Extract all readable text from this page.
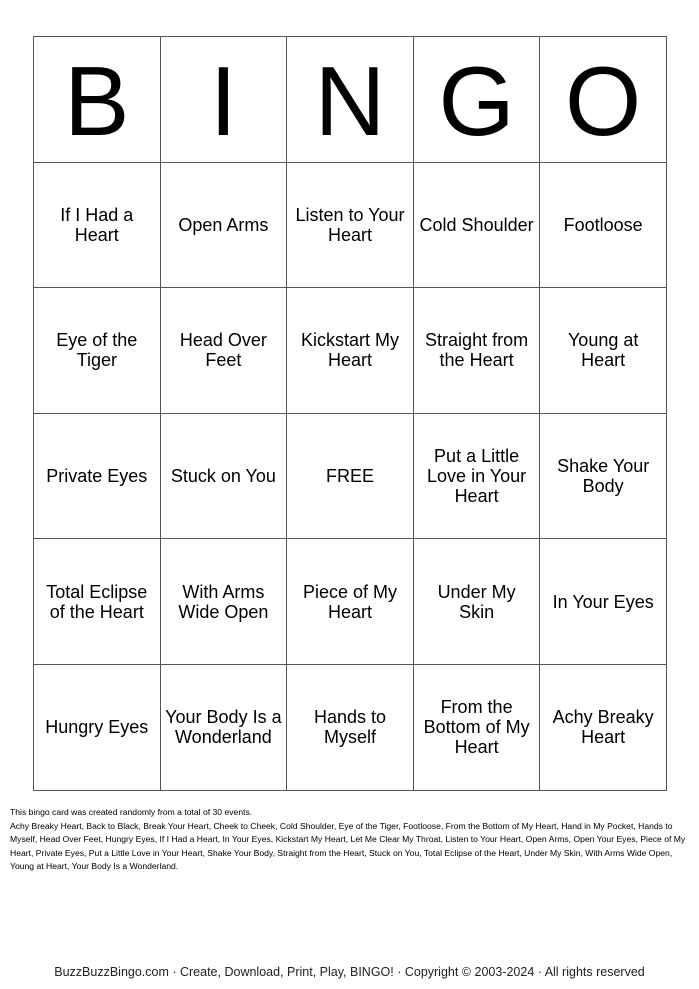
B	I	N	G	O
If I Had a Heart	Open Arms	Listen to Your Heart	Cold Shoulder	Footloose
Eye of the Tiger	Head Over Feet	Kickstart My Heart	Straight from the Heart	Young at Heart
Private Eyes	Stuck on You	FREE	Put a Little Love in Your Heart	Shake Your Body
Total Eclipse of the Heart	With Arms Wide Open	Piece of My Heart	Under My Skin	In Your Eyes
Hungry Eyes	Your Body Is a Wonderland	Hands to Myself	From the Bottom of My Heart	Achy Breaky Heart

This bingo card was created randomly from a total of 30 events.

Achy Breaky Heart, Back to Black, Break Your Heart, Cheek to Cheek, Cold Shoulder, Eye of the Tiger, Footloose, From the Bottom of My Heart, Hand in My Pocket, Hands to Myself, Head Over Feet, Hungry Eyes, If I Had a Heart, In Your Eyes, Kickstart My Heart, Let Me Clear My Throat, Listen to Your Heart, Open Arms, Open Your Eyes, Piece of My Heart, Private Eyes, Put a Little Love in Your Heart, Shake Your Body, Straight from the Heart, Stuck on You, Total Eclipse of the Heart, Under My Skin, With Arms Wide Open, Young at Heart, Your Body Is a Wonderland.

BuzzBuzzBingo.com · Create, Download, Print, Play, BINGO! · Copyright © 2003-2024 · All rights reserved
